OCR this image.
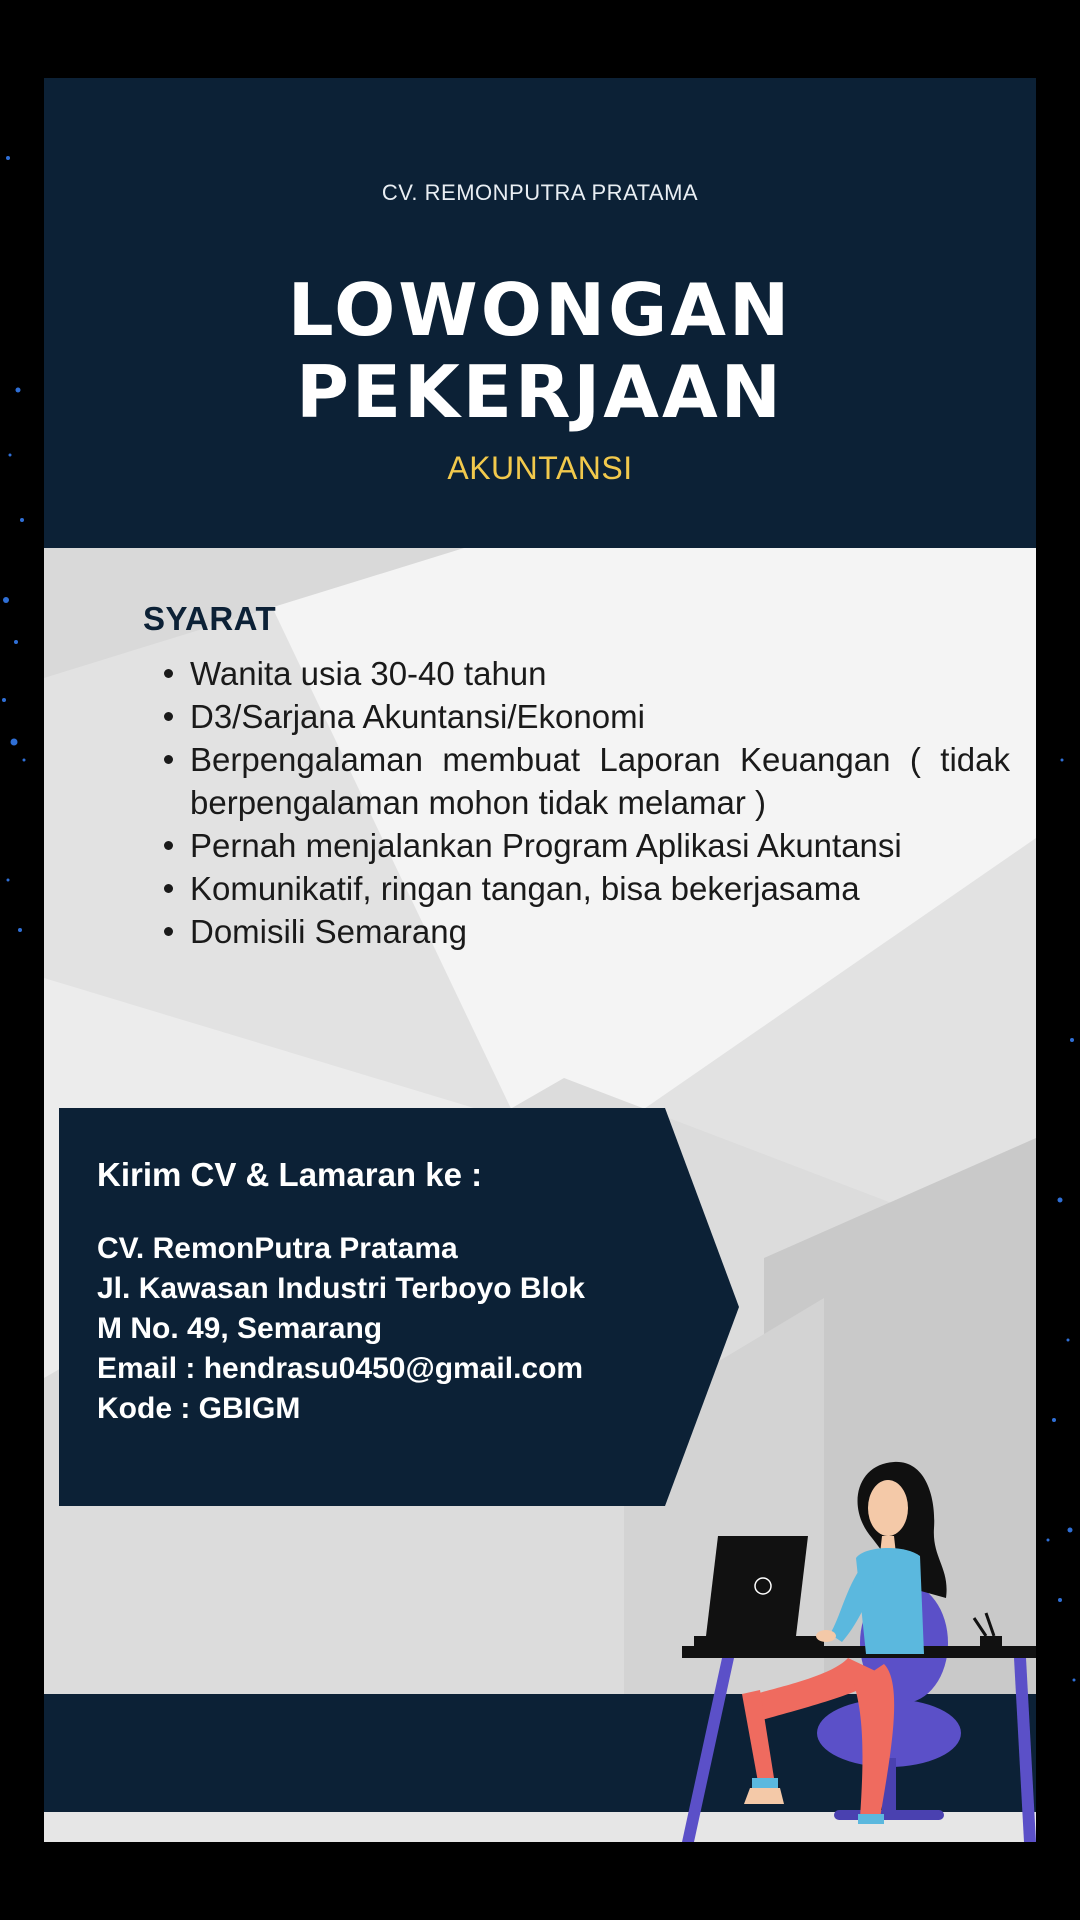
CV. REMONPUTRA PRATAMA
LOWONGAN
PEKERJAAN
AKUNTANSI
SYARAT
Wanita usia 30-40 tahun
D3/Sarjana Akuntansi/Ekonomi
Berpengalaman membuat Laporan Keuangan ( tidak berpengalaman mohon tidak melamar )
Pernah menjalankan Program Aplikasi Akuntansi
Komunikatif, ringan tangan, bisa bekerjasama
Domisili Semarang
Kirim CV & Lamaran ke :
CV. RemonPutra Pratama
Jl. Kawasan Industri Terboyo Blok
M No. 49, Semarang
Email : hendrasu0450@gmail.com
Kode : GBIGM
